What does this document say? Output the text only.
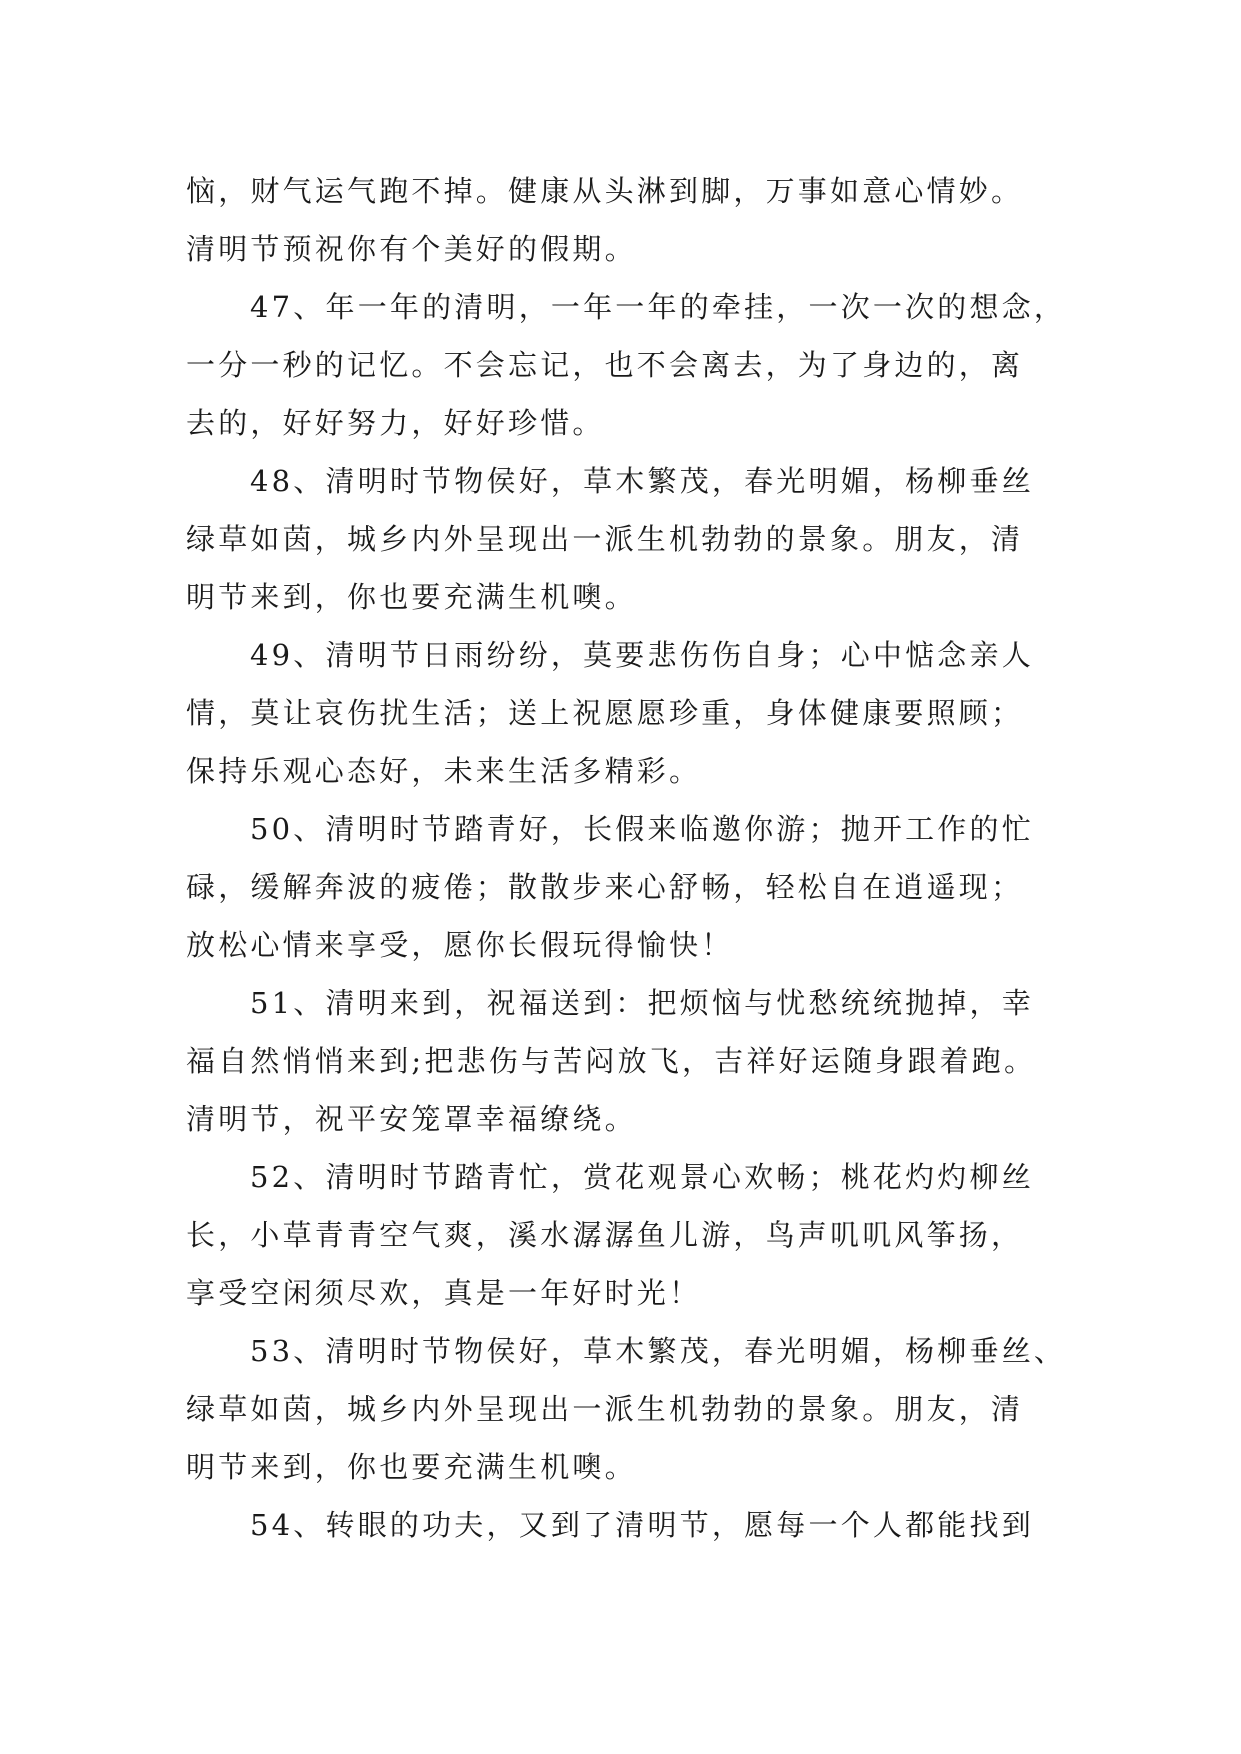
恼，财气运气跑不掉。健康从头淋到脚，万事如意心情妙。
清明节预祝你有个美好的假期。
47、年一年的清明，一年一年的牵挂，一次一次的想念，
一分一秒的记忆。不会忘记，也不会离去，为了身边的，离
去的，好好努力，好好珍惜。
48、清明时节物侯好，草木繁茂，春光明媚，杨柳垂丝
绿草如茵，城乡内外呈现出一派生机勃勃的景象。朋友，清
明节来到，你也要充满生机噢。
49、清明节日雨纷纷，莫要悲伤伤自身；心中惦念亲人
情，莫让哀伤扰生活；送上祝愿愿珍重，身体健康要照顾；
保持乐观心态好，未来生活多精彩。
50、清明时节踏青好，长假来临邀你游；抛开工作的忙
碌，缓解奔波的疲倦；散散步来心舒畅，轻松自在逍遥现；
放松心情来享受，愿你长假玩得愉快！
51、清明来到，祝福送到：把烦恼与忧愁统统抛掉，幸
福自然悄悄来到;把悲伤与苦闷放飞，吉祥好运随身跟着跑。
清明节，祝平安笼罩幸福缭绕。
52、清明时节踏青忙，赏花观景心欢畅；桃花灼灼柳丝
长，小草青青空气爽，溪水潺潺鱼儿游，鸟声叽叽风筝扬，
享受空闲须尽欢，真是一年好时光！
53、清明时节物侯好，草木繁茂，春光明媚，杨柳垂丝、
绿草如茵，城乡内外呈现出一派生机勃勃的景象。朋友，清
明节来到，你也要充满生机噢。
54、转眼的功夫，又到了清明节，愿每一个人都能找到
